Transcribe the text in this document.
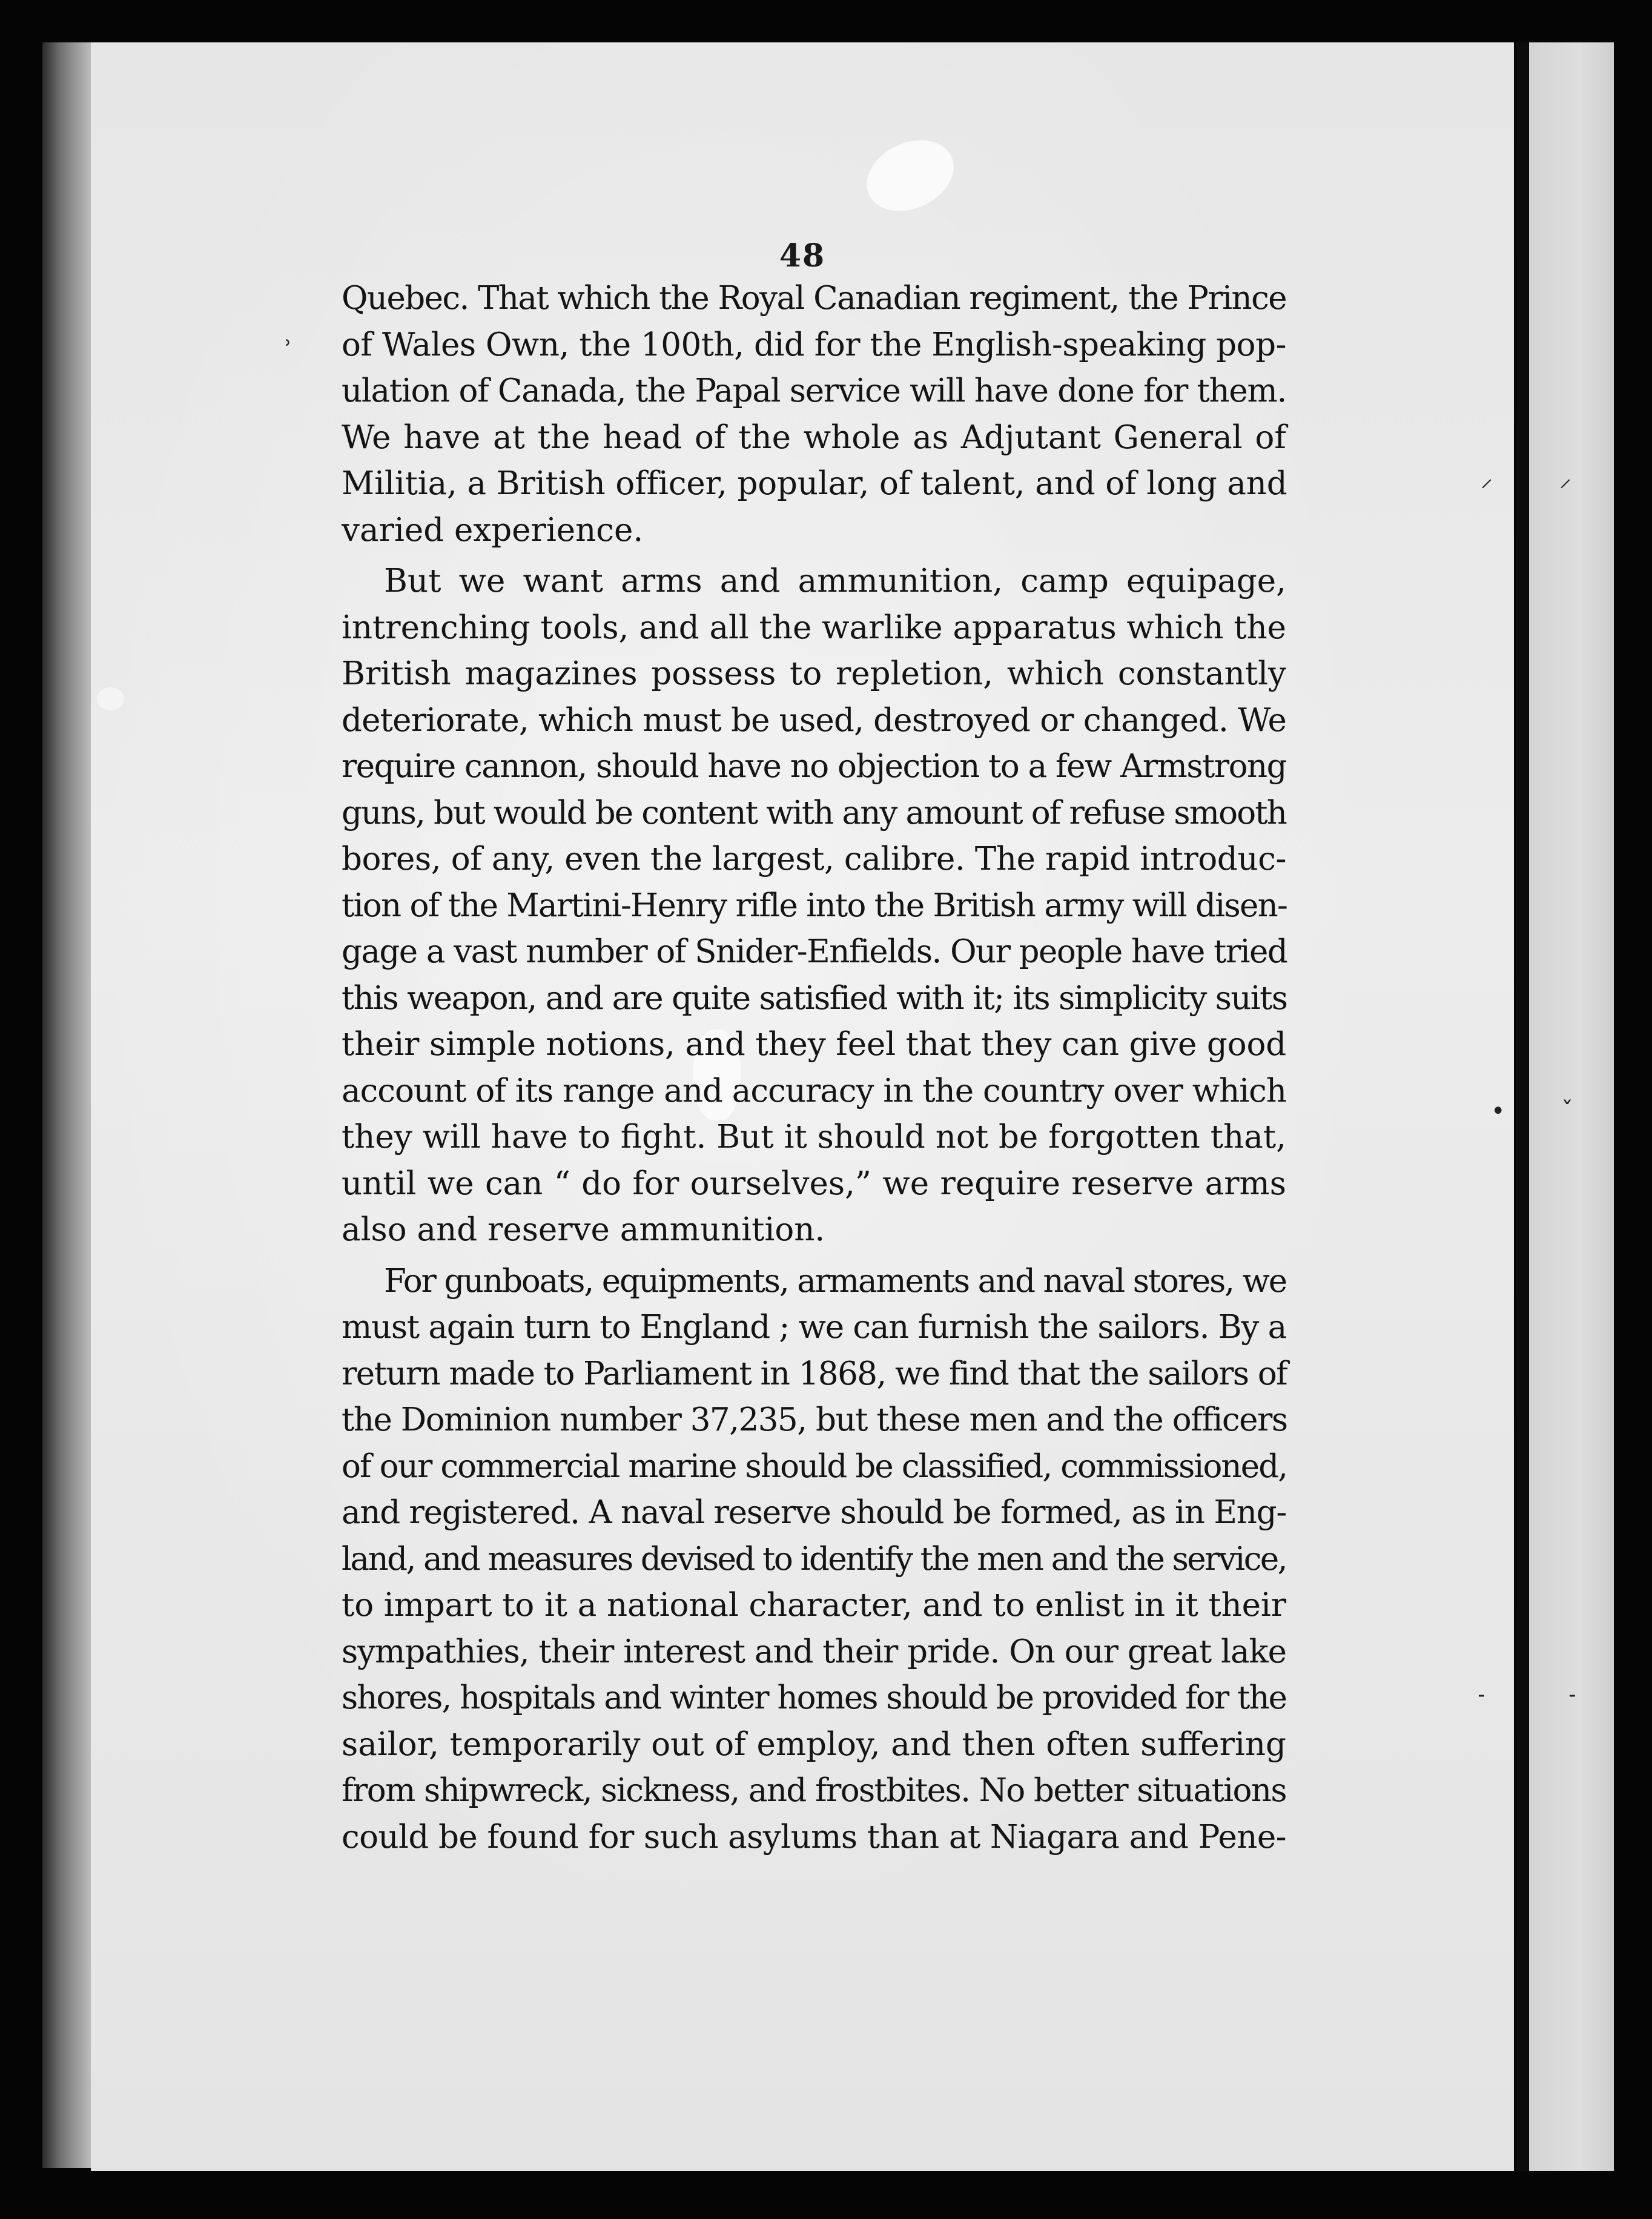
48
˒
⸝	⸝
• ˇ
˗	˗
Quebec. That which the Royal Canadian regiment, the Prince
of Wales Own, the 100th, did for the English-speaking pop-
ulation of Canada, the Papal service will have done for them.
We have at the head of the whole as Adjutant General of
Militia, a British officer, popular, of talent, and of long and
varied experience.
But we want arms and ammunition, camp equipage,
intrenching tools, and all the warlike apparatus which the
British magazines possess to repletion, which constantly
deteriorate, which must be used, destroyed or changed. We
require cannon, should have no objection to a few Armstrong
guns, but would be content with any amount of refuse smooth
bores, of any, even the largest, calibre. The rapid introduc-
tion of the Martini-Henry rifle into the British army will disen-
gage a vast number of Snider-Enfields. Our people have tried
this weapon, and are quite satisfied with it; its simplicity suits
their simple notions, and they feel that they can give good
account of its range and accuracy in the country over which
they will have to fight. But it should not be forgotten that,
until we can “ do for ourselves,” we require reserve arms
also and reserve ammunition.
For gunboats, equipments, armaments and naval stores, we
must again turn to England ; we can furnish the sailors. By a
return made to Parliament in 1868, we find that the sailors of
the Dominion number 37,235, but these men and the officers
of our commercial marine should be classified, commissioned,
and registered. A naval reserve should be formed, as in Eng-
land, and measures devised to identify the men and the service,
to impart to it a national character, and to enlist in it their
sympathies, their interest and their pride. On our great lake
shores, hospitals and winter homes should be provided for the
sailor, temporarily out of employ, and then often suffering
from shipwreck, sickness, and frostbites. No better situations
could be found for such asylums than at Niagara and Pene-
